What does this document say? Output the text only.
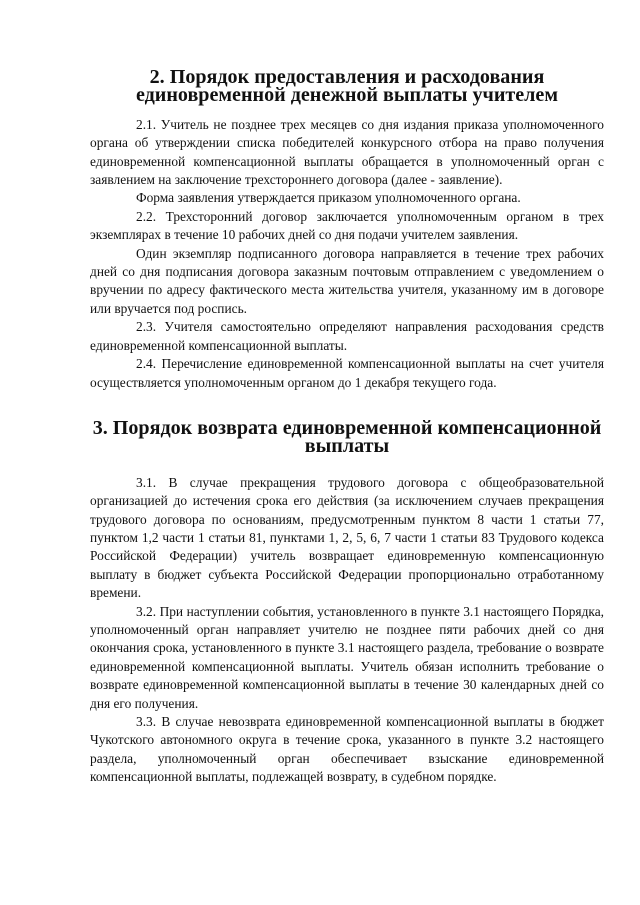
2. Порядок предоставления и расходования единовременной денежной выплаты учителем

2.1. Учитель не позднее трех месяцев со дня издания приказа уполномоченного органа об утверждении списка победителей конкурсного отбора на право получения единовременной компенсационной выплаты обращается в уполномоченный орган с заявлением на заключение трехстороннего договора (далее - заявление).

Форма заявления утверждается приказом уполномоченного органа.

2.2. Трехсторонний договор заключается уполномоченным органом в трех экземплярах в течение 10 рабочих дней со дня подачи учителем заявления.

Один экземпляр подписанного договора направляется в течение трех рабочих дней со дня подписания договора заказным почтовым отправлением с уведомлением о вручении по адресу фактического места жительства учителя, указанному им в договоре или вручается под роспись.

2.3. Учителя самостоятельно определяют направления расходования средств единовременной компенсационной выплаты.

2.4. Перечисление единовременной компенсационной выплаты на счет учителя осуществляется уполномоченным органом до 1 декабря текущего года.

3. Порядок возврата единовременной компенсационной выплаты

3.1. В случае прекращения трудового договора с общеобразовательной организацией до истечения срока его действия (за исключением случаев прекращения трудового договора по основаниям, предусмотренным пунктом 8 части 1 статьи 77, пунктом 1,2 части 1 статьи 81, пунктами 1, 2, 5, 6, 7 части 1 статьи 83 Трудового кодекса Российской Федерации) учитель возвращает единовременную компенсационную выплату в бюджет субъекта Российской Федерации пропорционально отработанному времени.

3.2. При наступлении события, установленного в пункте 3.1 настоящего Порядка, уполномоченный орган направляет учителю не позднее пяти рабочих дней со дня окончания срока, установленного в пункте 3.1 настоящего раздела, требование о возврате единовременной компенсационной выплаты. Учитель обязан исполнить требование о возврате единовременной компенсационной выплаты в течение 30 календарных дней со дня его получения.

3.3. В случае невозврата единовременной компенсационной выплаты в бюджет Чукотского автономного округа в течение срока, указанного в пункте 3.2 настоящего раздела, уполномоченный орган обеспечивает взыскание единовременной компенсационной выплаты, подлежащей возврату, в судебном порядке.
